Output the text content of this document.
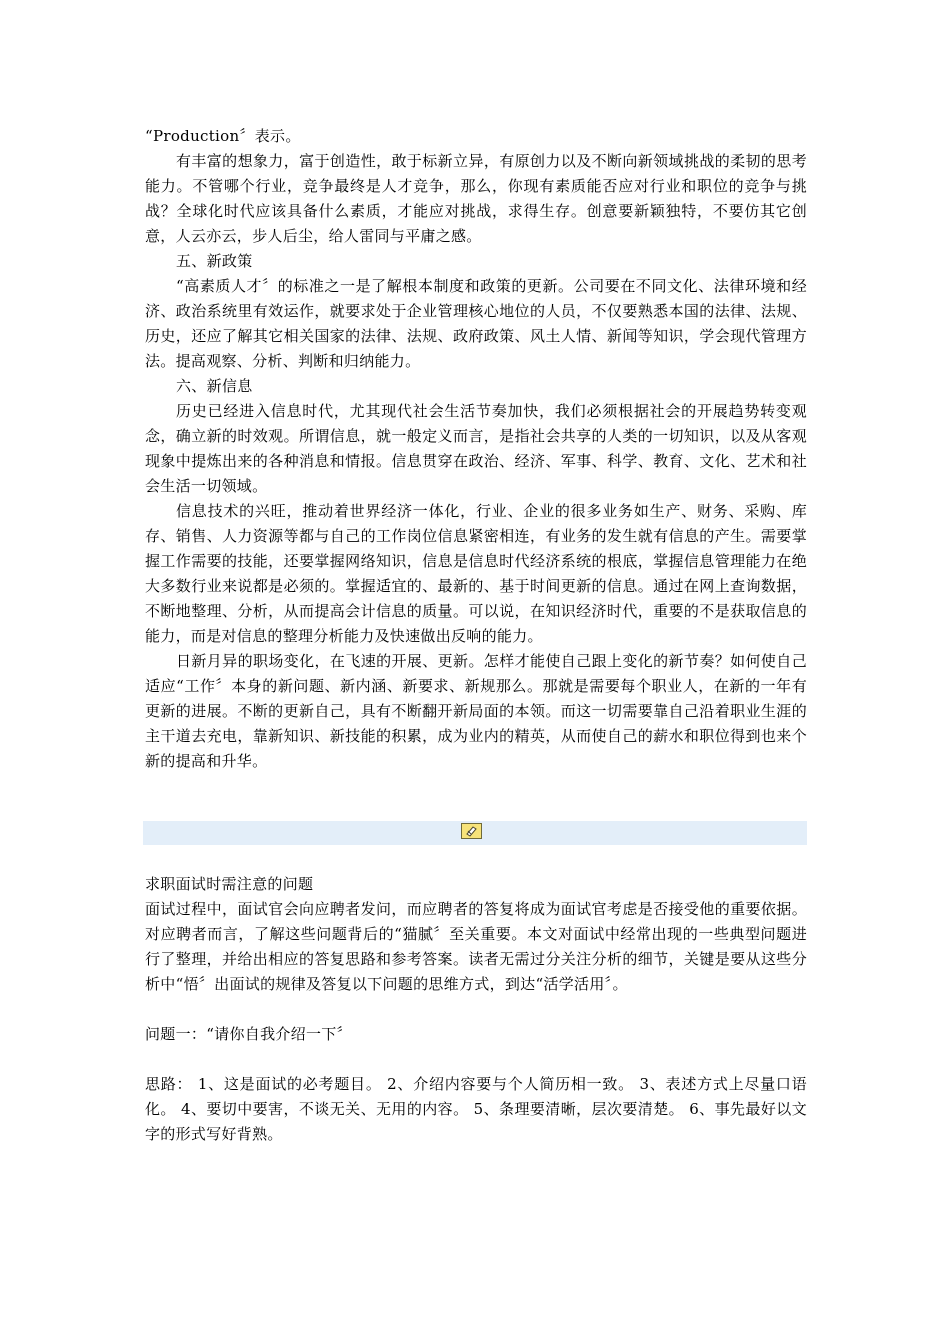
“Production〞表示。

有丰富的想象力，富于创造性，敢于标新立异，有原创力以及不断向新领域挑战的柔韧的思考能力。不管哪个行业，竞争最终是人才竞争，那么，你现有素质能否应对行业和职位的竞争与挑战？全球化时代应该具备什么素质，才能应对挑战，求得生存。创意要新颖独特，不要仿其它创意，人云亦云，步人后尘，给人雷同与平庸之感。

五、新政策

“高素质人才〞的标准之一是了解根本制度和政策的更新。公司要在不同文化、法律环境和经济、政治系统里有效运作，就要求处于企业管理核心地位的人员，不仅要熟悉本国的法律、法规、历史，还应了解其它相关国家的法律、法规、政府政策、风土人情、新闻等知识，学会现代管理方法。提高观察、分析、判断和归纳能力。

六、新信息

历史已经进入信息时代，尤其现代社会生活节奏加快，我们必须根据社会的开展趋势转变观念，确立新的时效观。所谓信息，就一般定义而言，是指社会共享的人类的一切知识，以及从客观现象中提炼出来的各种消息和情报。信息贯穿在政治、经济、军事、科学、教育、文化、艺术和社会生活一切领域。

信息技术的兴旺，推动着世界经济一体化，行业、企业的很多业务如生产、财务、采购、库存、销售、人力资源等都与自己的工作岗位信息紧密相连，有业务的发生就有信息的产生。需要掌握工作需要的技能，还要掌握网络知识，信息是信息时代经济系统的根底，掌握信息管理能力在绝大多数行业来说都是必须的。掌握适宜的、最新的、基于时间更新的信息。通过在网上查询数据，不断地整理、分析，从而提高会计信息的质量。可以说，在知识经济时代，重要的不是获取信息的能力，而是对信息的整理分析能力及快速做出反响的能力。

日新月异的职场变化，在飞速的开展、更新。怎样才能使自己跟上变化的新节奏？如何使自己适应“工作〞本身的新问题、新内涵、新要求、新规那么。那就是需要每个职业人，在新的一年有更新的进展。不断的更新自己，具有不断翻开新局面的本领。而这一切需要靠自己沿着职业生涯的主干道去充电，靠新知识、新技能的积累，成为业内的精英，从而使自己的薪水和职位得到也来个新的提高和升华。

求职面试时需注意的问题

面试过程中，面试官会向应聘者发问，而应聘者的答复将成为面试官考虑是否接受他的重要依据。对应聘者而言，了解这些问题背后的“猫腻〞至关重要。本文对面试中经常出现的一些典型问题进行了整理，并给出相应的答复思路和参考答案。读者无需过分关注分析的细节，关键是要从这些分析中“悟〞出面试的规律及答复以下问题的思维方式，到达“活学活用〞。

问题一：“请你自我介绍一下〞

思路： 1、这是面试的必考题目。 2、介绍内容要与个人简历相一致。 3、表述方式上尽量口语化。 4、要切中要害，不谈无关、无用的内容。 5、条理要清晰，层次要清楚。 6、事先最好以文字的形式写好背熟。
